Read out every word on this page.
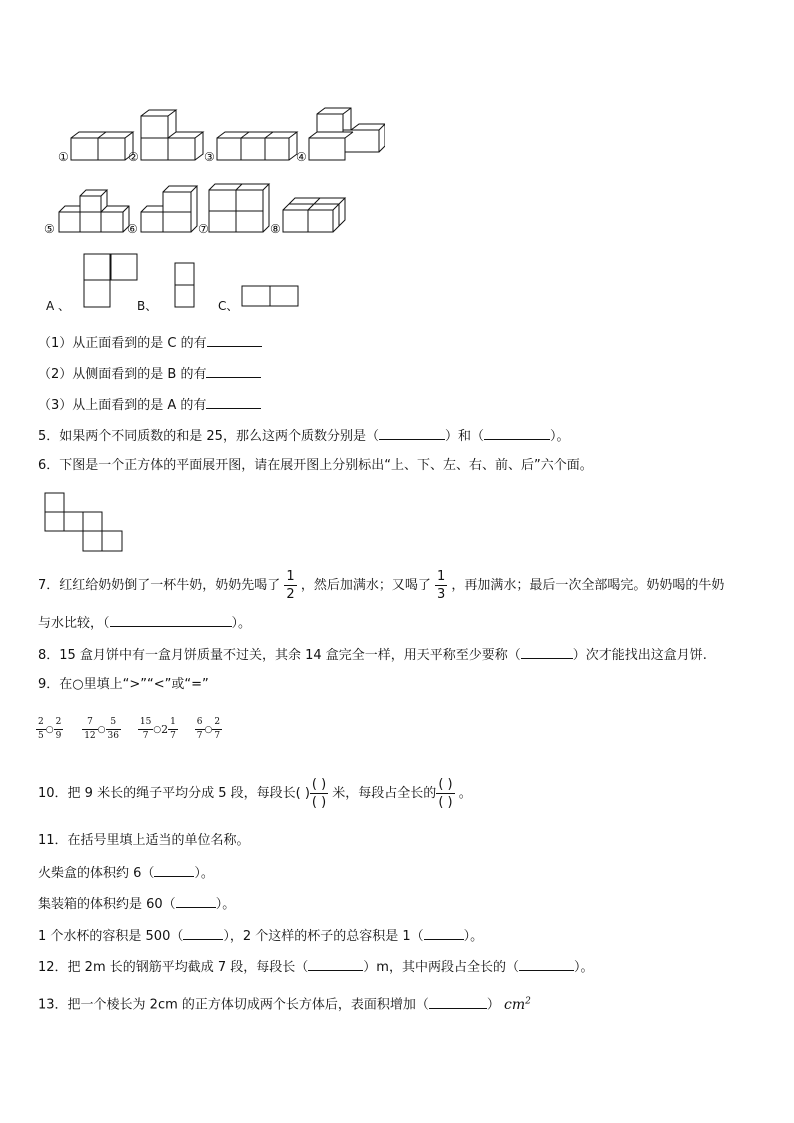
①	②	③	④
⑤	⑥	⑦	⑧
A 、	B、	C、
（1）从正面看到的是 C 的有
（2）从侧面看到的是 B 的有
（3）从上面看到的是 A 的有
5．如果两个不同质数的和是 25，那么这两个质数分别是（	）和（	）。
6．下图是一个正方体的平面展开图，请在展开图上分别标出“上、下、左、右、前、后”六个面。
7．红红给奶奶倒了一杯牛奶，奶奶先喝了 $\frac{1}{2}$ ，然后加满水；又喝了 $\frac{1}{3}$ ，再加满水；最后一次全部喝完。奶奶喝的牛奶
与水比较，（	）。
8．15 盒月饼中有一盒月饼质量不过关，其余 14 盒完全一样，用天平称至少要称（	）次才能找出这盒月饼.
9．在○里填上“>”“<”或“=”
$\frac{2}{5}$ ○ $\frac{2}{9}$
$\frac{7}{12}$ ○ $\frac{5}{36}$
$\frac{15}{7}$ ○2 $\frac{1}{7}$
$\frac{6}{7}$ ○ $\frac{2}{7}$
10．把 9 米长的绳子平均分成 5 段，每段长( ) $\frac{( )}{( )}$ 米，每段占全长的 $\frac{( )}{( )}$ 。
11．在括号里填上适当的单位名称。
火柴盒的体积约 6（	）。
集装箱的体积约是 60（	）。
1 个水杯的容积是 500（	），2 个这样的杯子的总容积是 1（	）。
12．把 2m 长的钢筋平均截成 7 段，每段长（	）m，其中两段占全长的（	）。
13．把一个棱长为 2cm 的正方体切成两个长方体后，表面积增加（	） $cm^2$
